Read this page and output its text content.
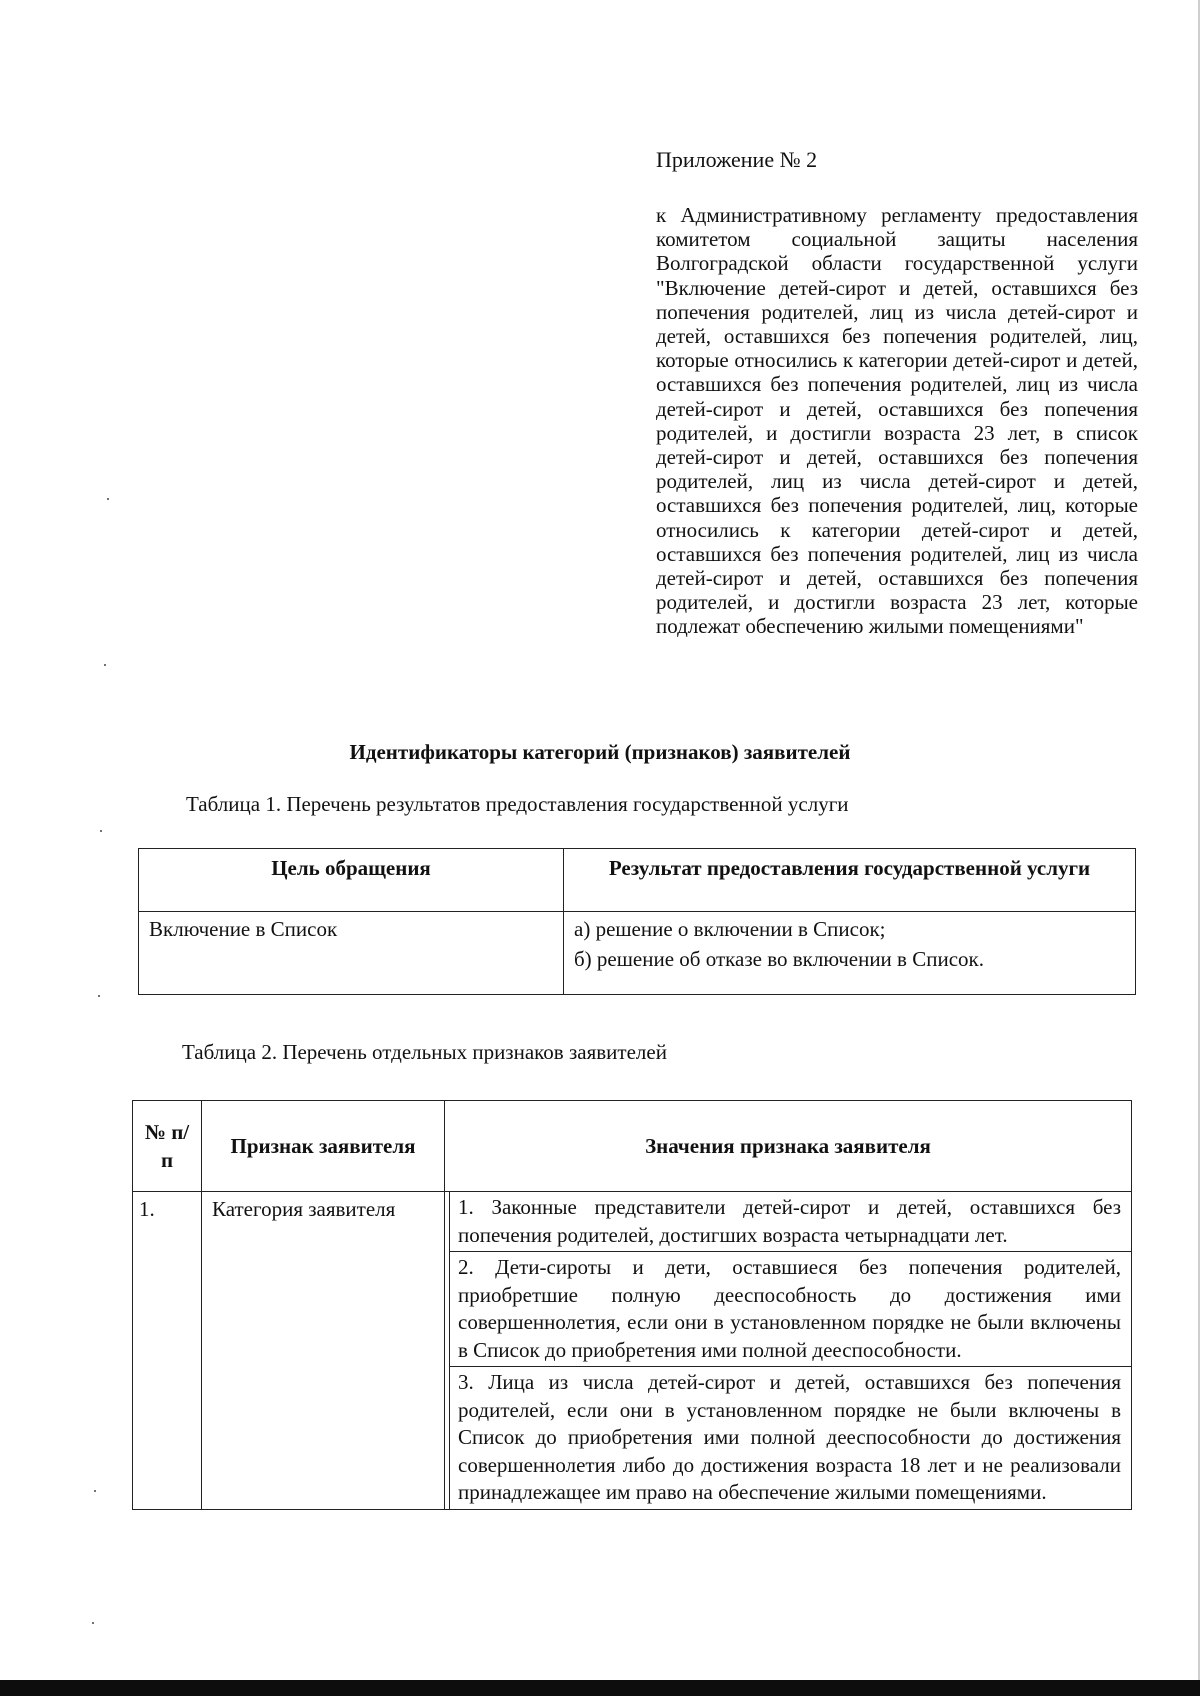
Приложение № 2

к Административному регламенту предоставления комитетом социальной защиты населения Волгоградской области государственной услуги "Включение детей-сирот и детей, оставшихся без попечения родителей, лиц из числа детей-сирот и детей, оставшихся без попечения родителей, лиц, которые относились к категории детей-сирот и детей, оставшихся без попечения родителей, лиц из числа детей-сирот и детей, оставшихся без попечения родителей, и достигли возраста 23 лет, в список детей-сирот и детей, оставшихся без попечения родителей, лиц из числа детей-сирот и детей, оставшихся без попечения родителей, лиц, которые относились к категории детей-сирот и детей, оставшихся без попечения родителей, лиц из числа детей-сирот и детей, оставшихся без попечения родителей, и достигли возраста 23 лет, которые подлежат обеспечению жилыми помещениями"

Идентификаторы категорий (признаков) заявителей

Таблица 1. Перечень результатов предоставления государственной услуги

Цель обращения	Результат предоставления государственной услуги
Включение в Список	а) решение о включении в Список;
б) решение об отказе во включении в Список.

Таблица 2. Перечень отдельных признаков заявителей

№ п/п	Признак заявителя	Значения признака заявителя
1.	Категория заявителя	1. Законные представители детей-сирот и детей, оставшихся без попечения родителей, достигших возраста четырнадцати лет.

2. Дети-сироты и дети, оставшиеся без попечения родителей, приобретшие полную дееспособность до достижения ими совершеннолетия, если они в установленном порядке не были включены в Список до приобретения ими полной дееспособности.

3. Лица из числа детей-сирот и детей, оставшихся без попечения родителей, если они в установленном порядке не были включены в Список до приобретения ими полной дееспособности до достижения совершеннолетия либо до достижения возраста 18 лет и не реализовали принадлежащее им право на обеспечение жилыми помещениями.
